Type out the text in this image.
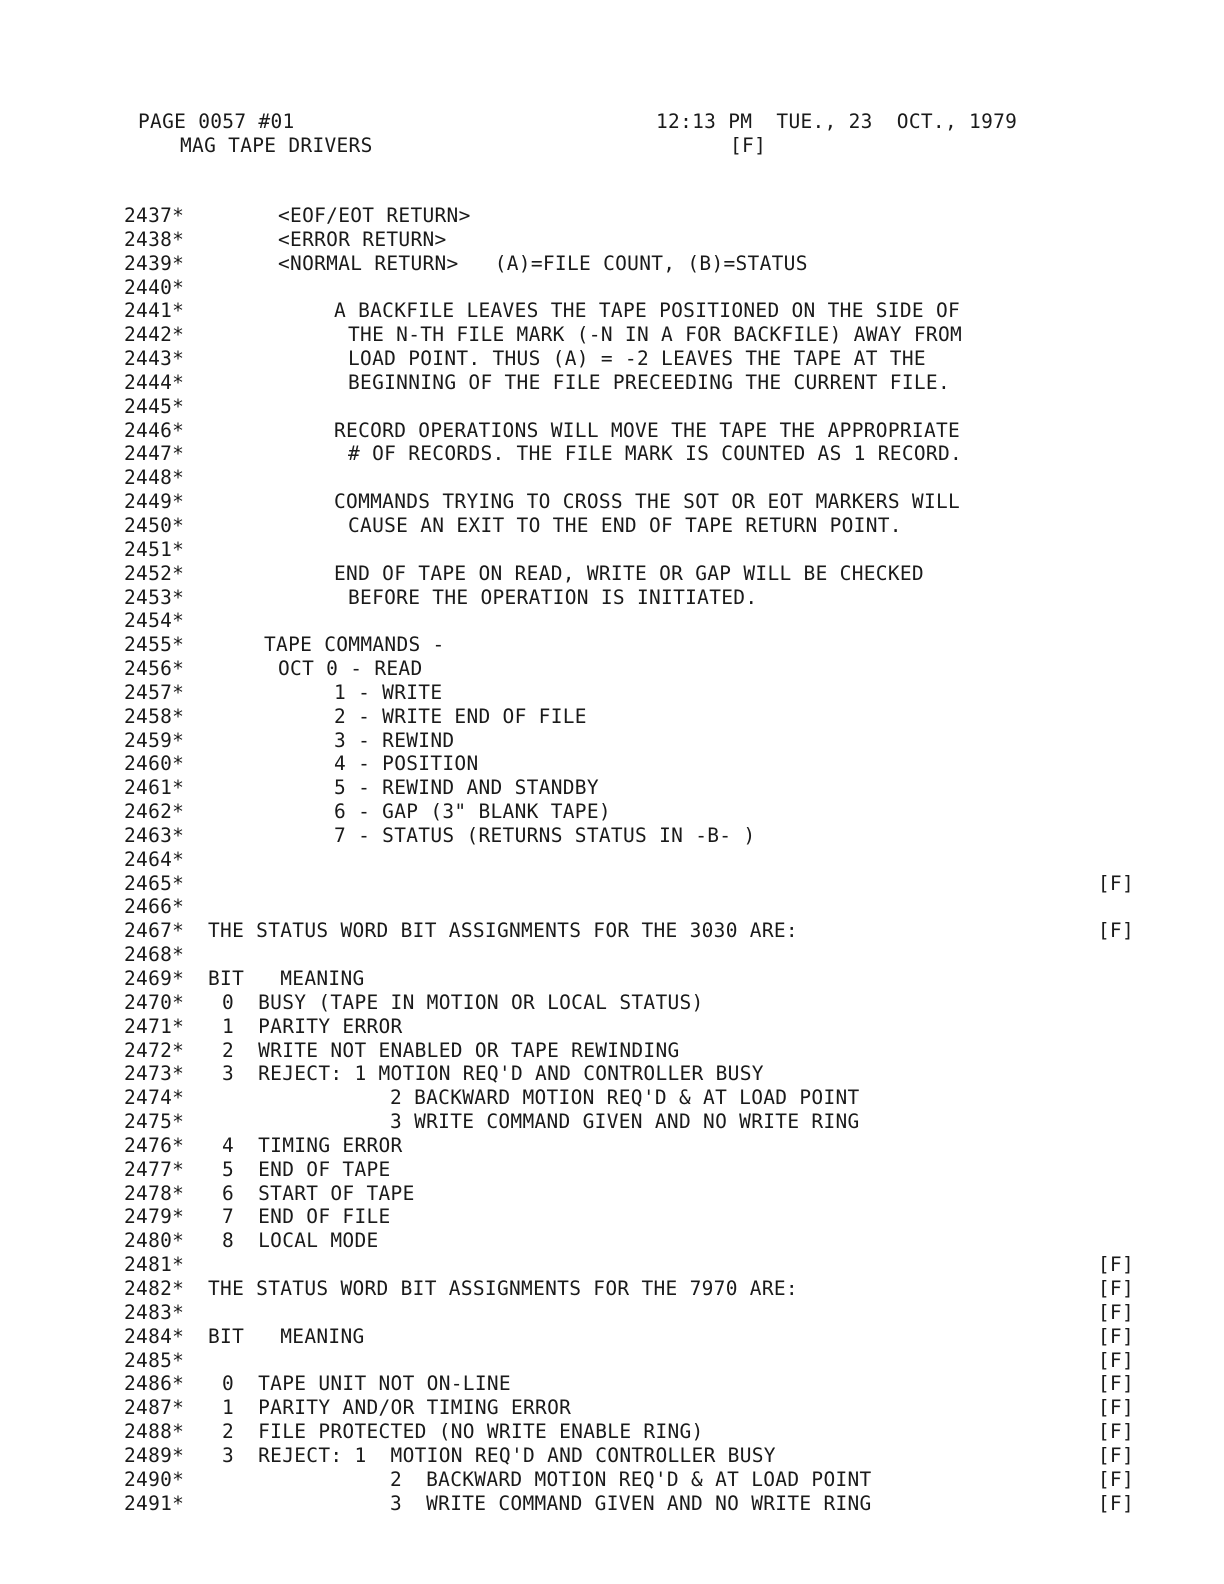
PAGE 0057 #01
MAG TAPE DRIVERS
12:13 PM  TUE., 23  OCT., 1979
[F]
2437*	<EOF/EOT RETURN>
2438*	<ERROR RETURN>
2439*	<NORMAL RETURN>   (A)=FILE COUNT, (B)=STATUS
2440*
2441*	A BACKFILE LEAVES THE TAPE POSITIONED ON THE SIDE OF
2442*	THE N-TH FILE MARK (-N IN A FOR BACKFILE) AWAY FROM
2443*	LOAD POINT. THUS (A) = -2 LEAVES THE TAPE AT THE
2444*	BEGINNING OF THE FILE PRECEEDING THE CURRENT FILE.
2445*
2446*	RECORD OPERATIONS WILL MOVE THE TAPE THE APPROPRIATE
2447*	# OF RECORDS. THE FILE MARK IS COUNTED AS 1 RECORD.
2448*
2449*	COMMANDS TRYING TO CROSS THE SOT OR EOT MARKERS WILL
2450*	CAUSE AN EXIT TO THE END OF TAPE RETURN POINT.
2451*
2452*	END OF TAPE ON READ, WRITE OR GAP WILL BE CHECKED
2453*	BEFORE THE OPERATION IS INITIATED.
2454*
2455*	TAPE COMMANDS -
2456*	OCT 0 - READ
2457*	1 - WRITE
2458*	2 - WRITE END OF FILE
2459*	3 - REWIND
2460*	4 - POSITION
2461*	5 - REWIND AND STANDBY
2462*	6 - GAP (3" BLANK TAPE)
2463*	7 - STATUS (RETURNS STATUS IN -B- )
2464*
2465*	[F]
2466*
2467* THE STATUS WORD BIT ASSIGNMENTS FOR THE 3030 ARE:	[F]
2468*
2469* BIT   MEANING
2470* 0  BUSY (TAPE IN MOTION OR LOCAL STATUS)
2471* 1  PARITY ERROR
2472* 2  WRITE NOT ENABLED OR TAPE REWINDING
2473* 3  REJECT: 1 MOTION REQ'D AND CONTROLLER BUSY
2474*	2 BACKWARD MOTION REQ'D & AT LOAD POINT
2475*	3 WRITE COMMAND GIVEN AND NO WRITE RING
2476* 4  TIMING ERROR
2477* 5  END OF TAPE
2478* 6  START OF TAPE
2479* 7  END OF FILE
2480* 8  LOCAL MODE
2481*	[F]
2482* THE STATUS WORD BIT ASSIGNMENTS FOR THE 7970 ARE:	[F]
2483*	[F]
2484* BIT   MEANING	[F]
2485*	[F]
2486* 0  TAPE UNIT NOT ON-LINE	[F]
2487* 1  PARITY AND/OR TIMING ERROR	[F]
2488* 2  FILE PROTECTED (NO WRITE ENABLE RING)	[F]
2489* 3  REJECT: 1  MOTION REQ'D AND CONTROLLER BUSY	[F]
2490*	2  BACKWARD MOTION REQ'D & AT LOAD POINT	[F]
2491*	3  WRITE COMMAND GIVEN AND NO WRITE RING	[F]
